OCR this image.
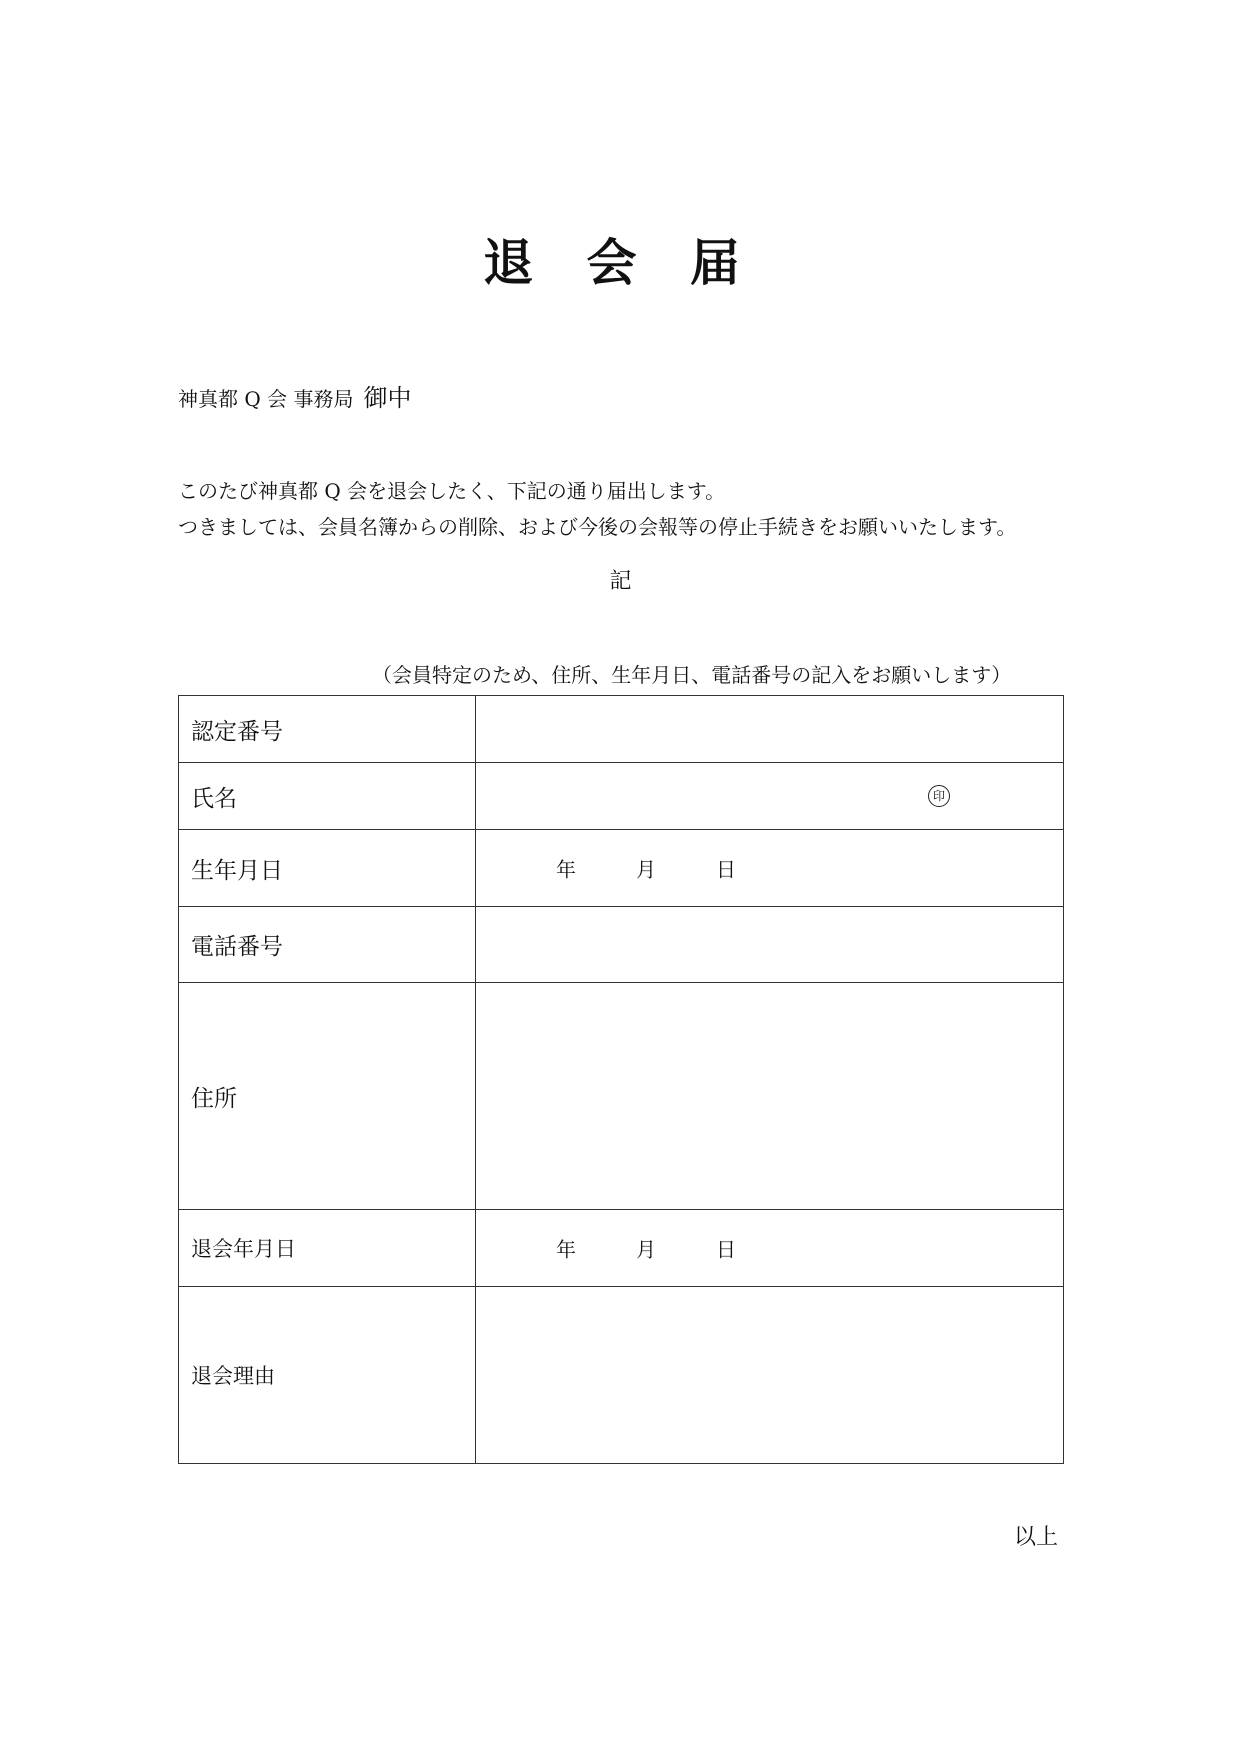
退 会 届
神真都 Q 会 事務局 御中

このたび神真都 Q 会を退会したく、下記の通り届出します。

つきましては、会員名簿からの削除、および今後の会報等の停止手続きをお願いいたします。

記
（会員特定のため、住所、生年月日、電話番号の記入をお願いします）
認定番号	
氏名	印

生年月日	年 月 日

電話番号	
住所	
退会年月日	年 月 日

退会理由	
以上
